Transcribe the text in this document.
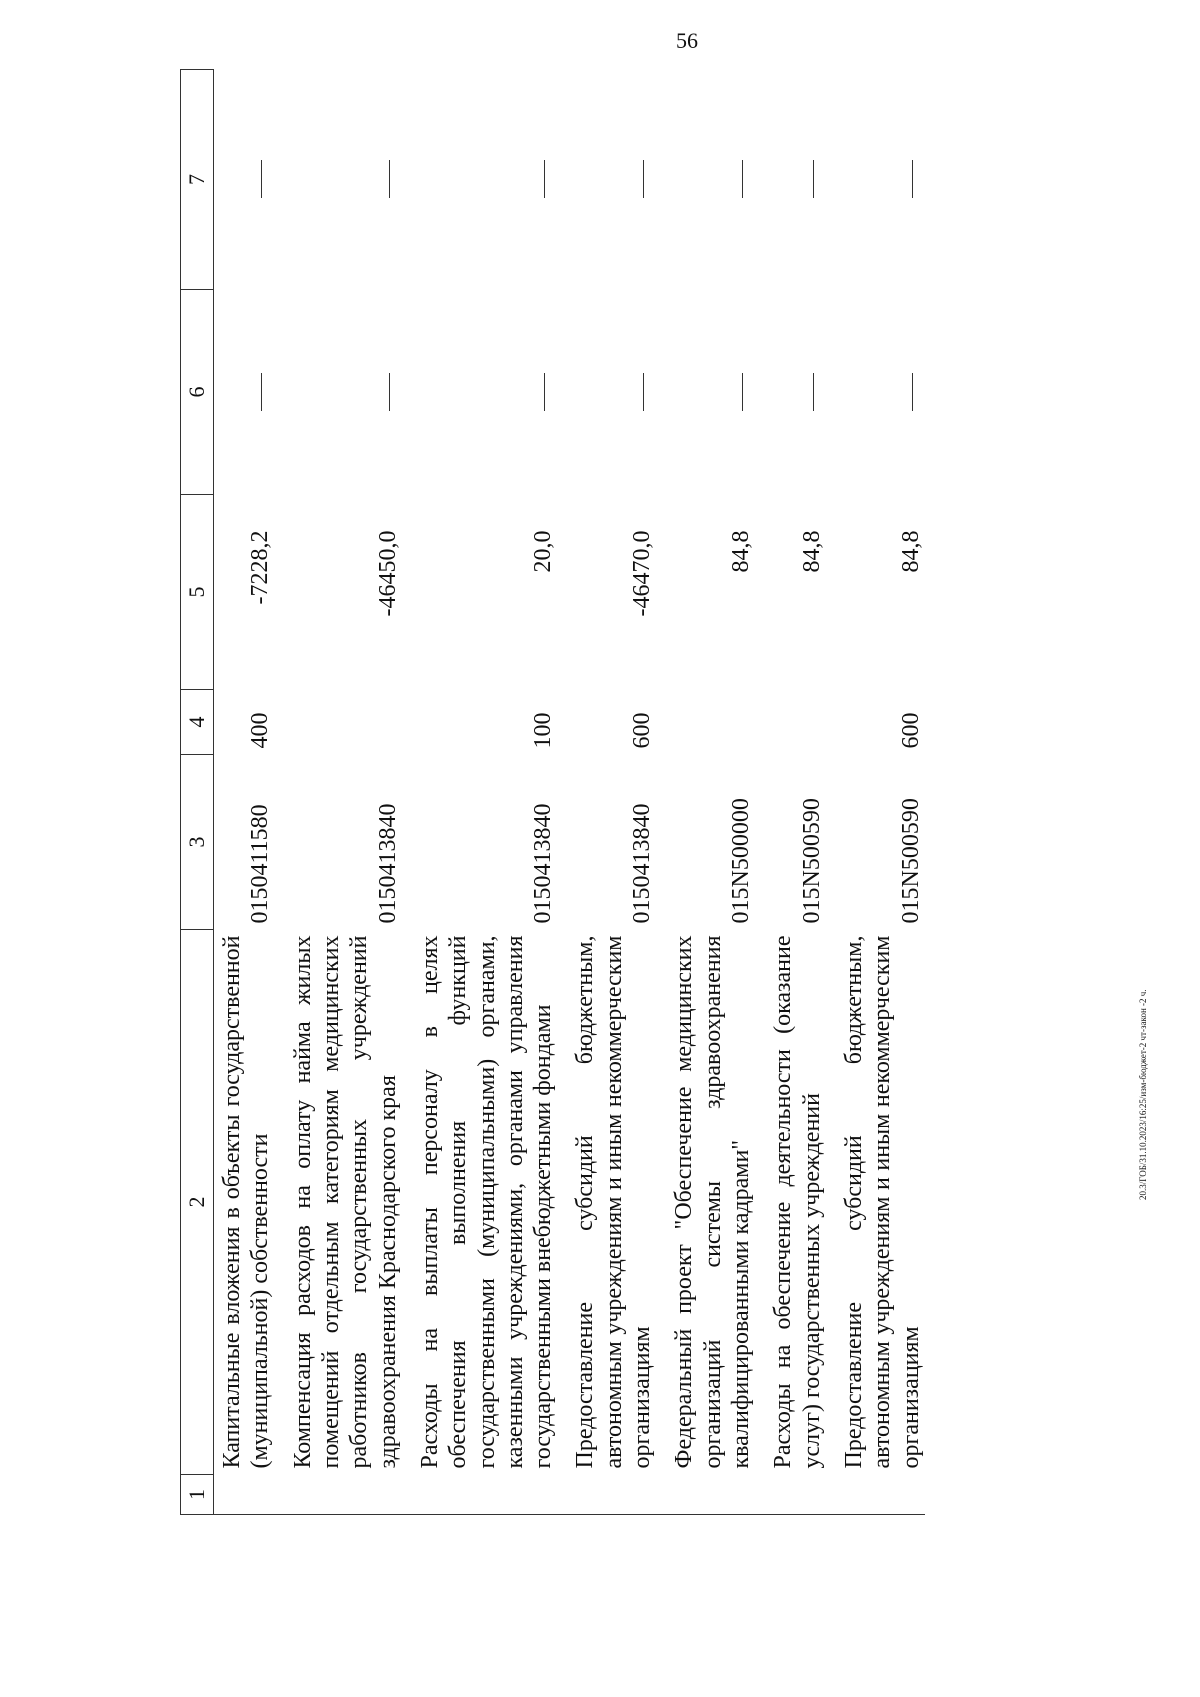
56
20.3/ГОБ/31.10.2023/16:25/изм-бюджет-2 чт-закон -2 ч.
1	2	3	4	5	6	7
	Капитальные вложения в объекты государственной (муниципальной) собственности	0150411580	400	-7228,2		
	Компенсация расходов на оплату найма жилых помещений отдельным категориям медицинских работников государственных учреждений здравоохранения Краснодарского края	0150413840		-46450,0		
	Расходы на выплаты персоналу в целях обеспечения выполнения функций государственными (муниципальными) органами, казенными учреждениями, органами управления государственными внебюджетными фондами	0150413840	100	20,0		
	Предоставление субсидий бюджетным, автономным учреждениям и иным некоммерческим организациям	0150413840	600	-46470,0		
	Федеральный проект "Обеспечение медицинских организаций системы здравоохранения квалифицированными кадрами"	015N500000		84,8		
	Расходы на обеспечение деятельности (оказание услуг) государственных учреждений	015N500590		84,8		
	Предоставление субсидий бюджетным, автономным учреждениям и иным некоммерческим организациям	015N500590	600	84,8		
